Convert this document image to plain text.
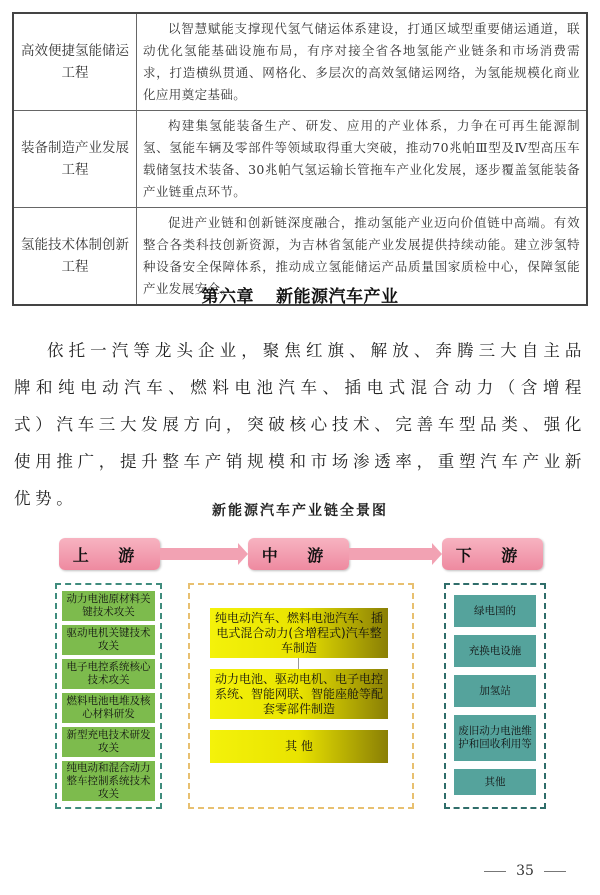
高效便捷氢能储运工程	以智慧赋能支撑现代氢气储运体系建设，打通区域型重要储运通道，联动优化氢能基础设施布局，有序对接全省各地氢能产业链条和市场消费需求，打造横纵贯通、网格化、多层次的高效氢储运网络，为氢能规模化商业化应用奠定基础。
装备制造产业发展工程	构建集氢能装备生产、研发、应用的产业体系，力争在可再生能源制氢、氢能车辆及零部件等领域取得重大突破，推动70兆帕Ⅲ型及Ⅳ型高压车载储氢技术装备、30兆帕气氢运输长管拖车产业化发展，逐步覆盖氢能装备产业链重点环节。
氢能技术体制创新工程	促进产业链和创新链深度融合，推动氢能产业迈向价值链中高端。有效整合各类科技创新资源，为吉林省氢能产业发展提供持续动能。建立涉氢特种设备安全保障体系，推动成立氢能储运产品质量国家质检中心，保障氢能产业发展安全。
第六章 新能源汽车产业

依托一汽等龙头企业，聚焦红旗、解放、奔腾三大自主品牌和纯电动汽车、燃料电池汽车、插电式混合动力（含增程式）汽车三大发展方向，突破核心技术、完善车型品类、强化使用推广，提升整车产销规模和市场渗透率，重塑汽车产业新优势。

新能源汽车产业链全景图
上 游	中 游	下 游
动力电池原材料关键技术攻关
驱动电机关键技术攻关
电子电控系统核心技术攻关
燃料电池电堆及核心材料研发
新型充电技术研发攻关
纯电动和混合动力整车控制系统技术攻关
纯电动汽车、燃料电池汽车、插电式混合动力(含增程式)汽车整车制造
动力电池、驱动电机、电子电控系统、智能网联、智能座舱等配套零部件制造
其 他
绿电国的
充换电设施
加氢站
废旧动力电池维护和回收利用等
其他
35
